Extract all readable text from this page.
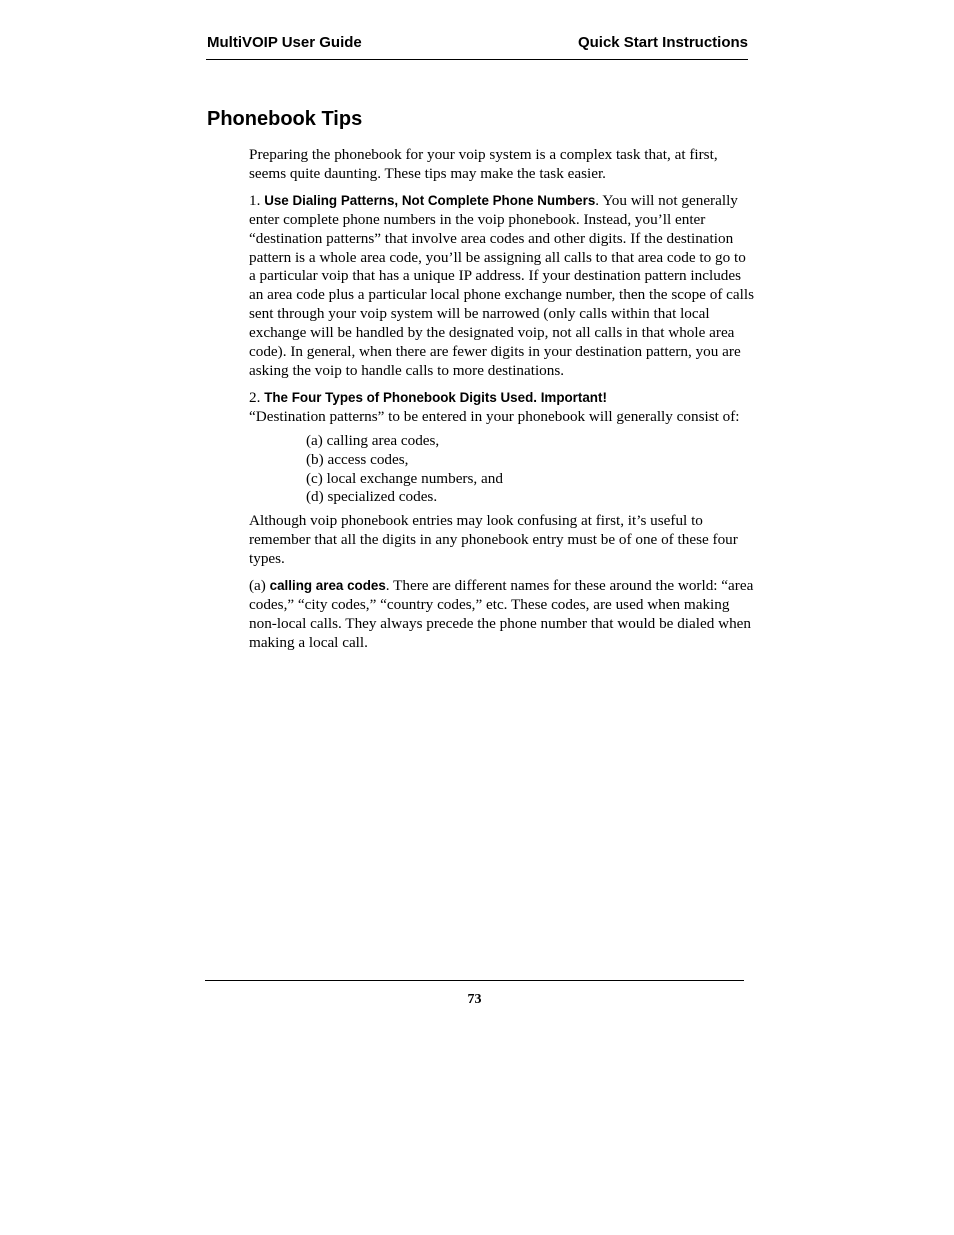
MultiVOIP User Guide	Quick Start Instructions
Phonebook Tips

Preparing the phonebook for your voip system is a complex task that, at first, seems quite daunting. These tips may make the task easier.

1. Use Dialing Patterns, Not Complete Phone Numbers. You will not generally enter complete phone numbers in the voip phonebook. Instead, you’ll enter “destination patterns” that involve area codes and other digits. If the destination pattern is a whole area code, you’ll be assigning all calls to that area code to go to a particular voip that has a unique IP address. If your destination pattern includes an area code plus a particular local phone exchange number, then the scope of calls sent through your voip system will be narrowed (only calls within that local exchange will be handled by the designated voip, not all calls in that whole area code). In general, when there are fewer digits in your destination pattern, you are asking the voip to handle calls to more destinations.

2. The Four Types of Phonebook Digits Used. Important!
“Destination patterns” to be entered in your phonebook will generally consist of:
(a) calling area codes,
(b) access codes,
(c) local exchange numbers, and
(d) specialized codes.

Although voip phonebook entries may look confusing at first, it’s useful to remember that all the digits in any phonebook entry must be of one of these four types.

(a) calling area codes. There are different names for these around the world: “area codes,” “city codes,” “country codes,” etc. These codes, are used when making non-local calls. They always precede the phone number that would be dialed when making a local call.

73
